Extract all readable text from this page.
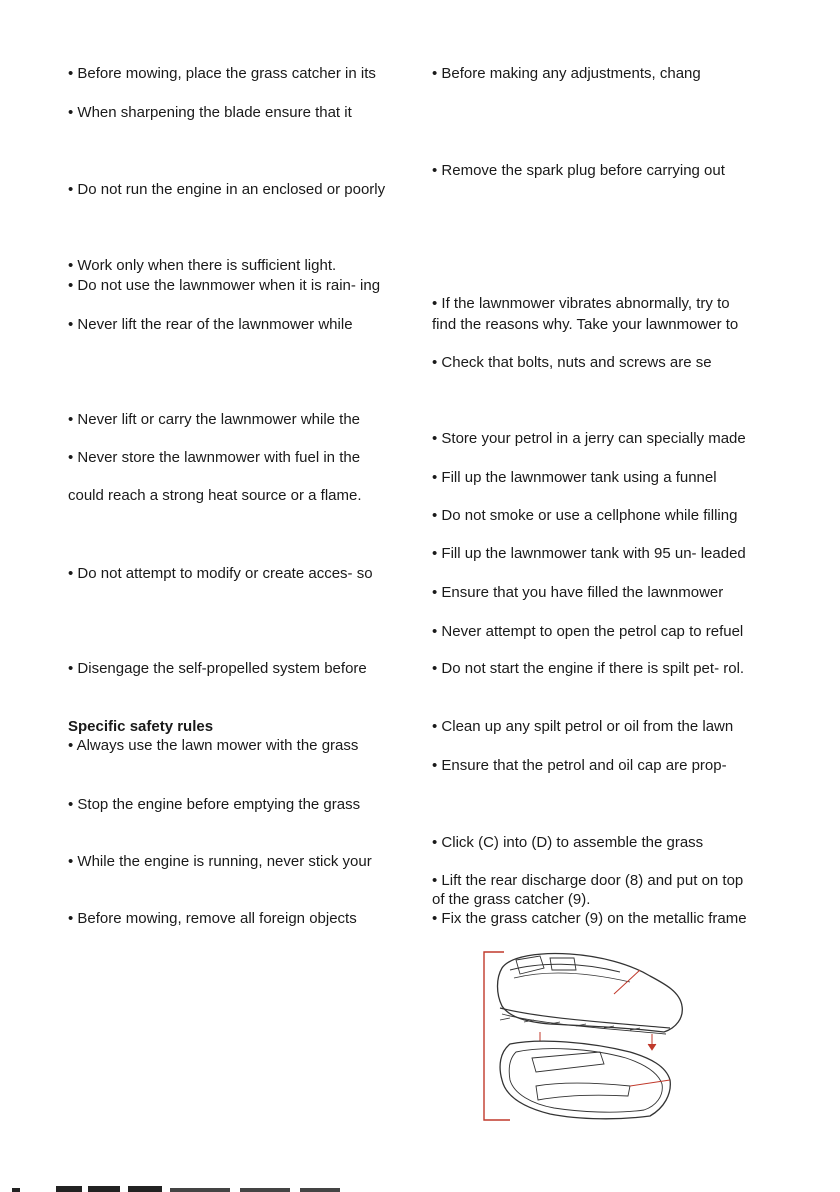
• Before mowing, place the grass catcher in its

• When sharpening the blade ensure that it

• Do not run the engine in an enclosed or poorly

• Work only when there is sufficient light.

• Do not use the lawnmower when it is rain- ing

• Never lift the rear of the lawnmower while

• Never lift or carry the lawnmower while the

• Never store the lawnmower with fuel in the

could reach a strong heat source or a flame.

• Do not attempt to modify or create acces- so

• Disengage the self-propelled system before

Specific safety rules

• Always use the lawn mower with the grass

• Stop the engine before emptying the grass

• While the engine is running, never stick your

• Before mowing, remove all foreign objects

• Before making any adjustments, chang

• Remove the spark plug before carrying out

• If the lawnmower vibrates abnormally, try to

find the reasons why. Take your lawnmower to

• Check that bolts, nuts and screws are se

• Store your petrol in a jerry can specially made

• Fill up the lawnmower tank using a funnel

• Do not smoke or use a cellphone while filling

• Fill up the lawnmower tank with 95 un- leaded

• Ensure that you have filled the lawnmower

• Never attempt to open the petrol cap to refuel

• Do not start the engine if there is spilt pet- rol.

• Clean up any spilt petrol or oil from the lawn

• Ensure that the petrol and oil cap are prop-

• Click (C) into (D) to assemble the grass

• Lift the rear discharge door (8) and put on top

of the grass catcher (9).

• Fix the grass catcher (9) on the metallic frame
